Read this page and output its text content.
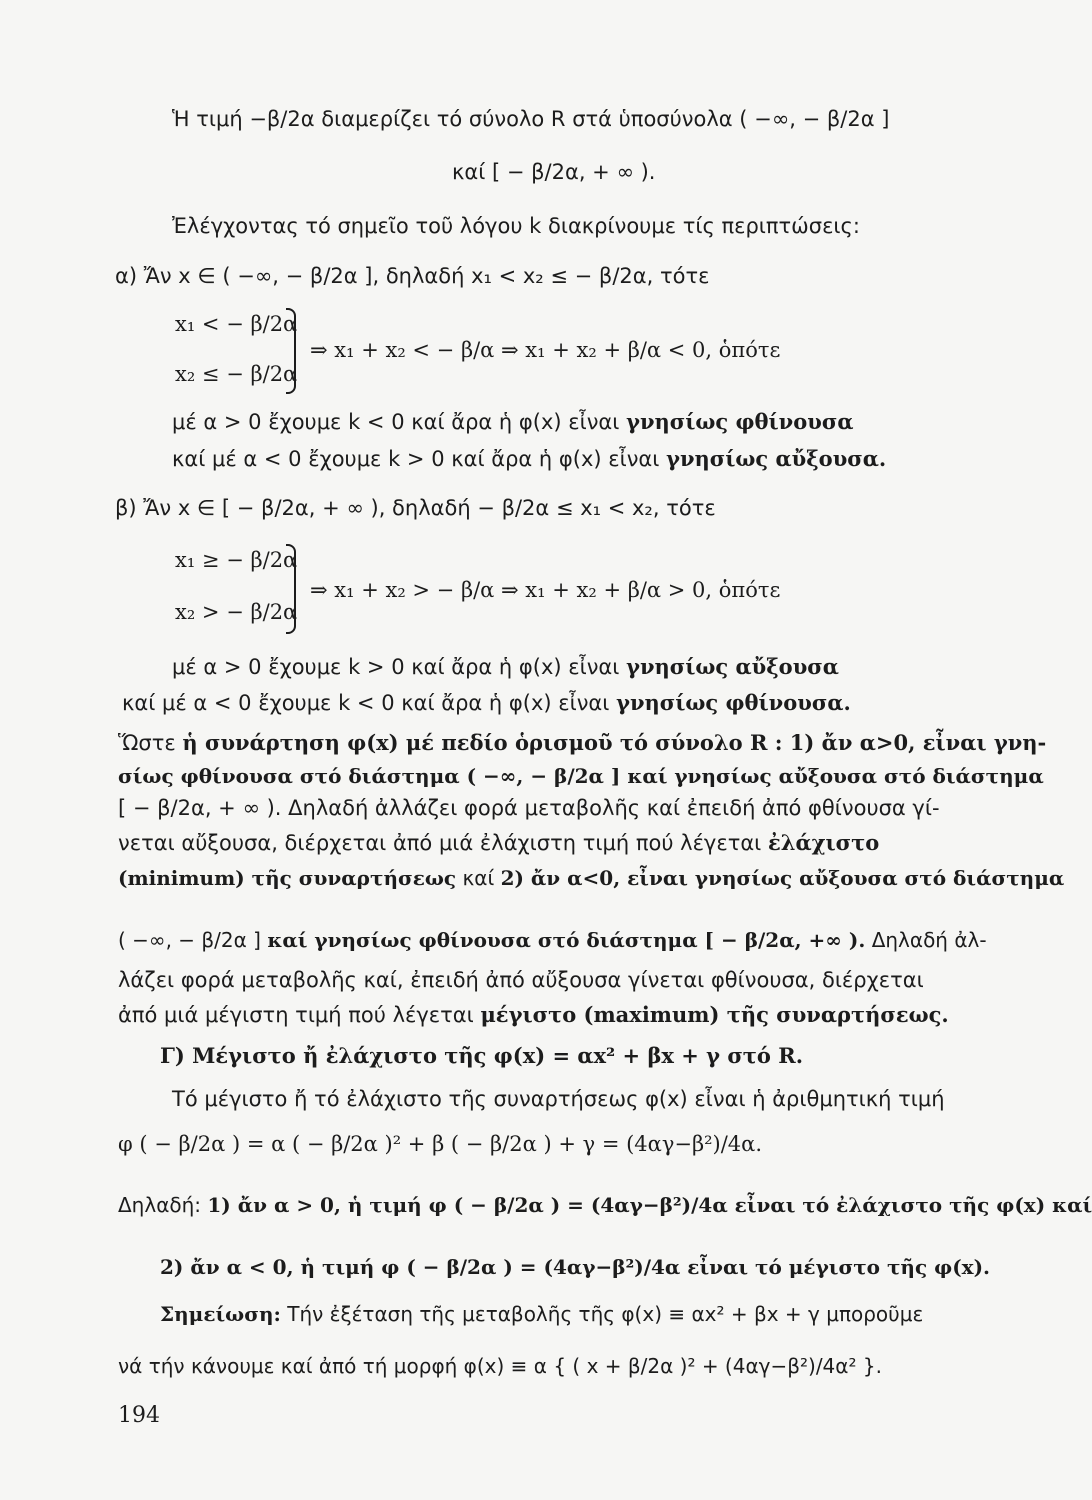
Ἡ τιμή −β/2α διαμερίζει τό σύνολο R στά ὑποσύνολα ( −∞, − β/2α ]
καί [ − β/2α, + ∞ ).
Ἐλέγχοντας τό σημεῖο τοῦ λόγου k διακρίνουμε τίς περιπτώσεις:
α) Ἄν x ∈ ( −∞, − β/2α ], δηλαδή x₁ < x₂ ≤ − β/2α, τότε
x₁ < − β/2α
⇒ x₁ + x₂ < − β/α ⇒ x₁ + x₂ + β/α < 0, ὁπότε
x₂ ≤ − β/2α
μέ α > 0 ἔχουμε k < 0 καί ἄρα ἡ φ(x) εἶναι γνησίως φθίνουσα
καί μέ α < 0 ἔχουμε k > 0 καί ἄρα ἡ φ(x) εἶναι γνησίως αὔξουσα.
β) Ἄν x ∈ [ − β/2α, + ∞ ), δηλαδή − β/2α ≤ x₁ < x₂, τότε
x₁ ≥ − β/2α
⇒ x₁ + x₂ > − β/α ⇒ x₁ + x₂ + β/α > 0, ὁπότε
x₂ > − β/2α
μέ α > 0 ἔχουμε k > 0 καί ἄρα ἡ φ(x) εἶναι γνησίως αὔξουσα
καί μέ α < 0 ἔχουμε k < 0 καί ἄρα ἡ φ(x) εἶναι γνησίως φθίνουσα.
Ὥστε ἡ συνάρτηση φ(x) μέ πεδίο ὁρισμοῦ τό σύνολο R : 1) ἄν α>0, εἶναι γνη-
σίως φθίνουσα στό διάστημα ( −∞, − β/2α ] καί γνησίως αὔξουσα στό διάστημα
[ − β/2α, + ∞ ). Δηλαδή ἀλλάζει φορά μεταβολῆς καί ἐπειδή ἀπό φθίνουσα γί-
νεται αὔξουσα, διέρχεται ἀπό μιά ἐλάχιστη τιμή πού λέγεται ἐλάχιστο
(minimum) τῆς συναρτήσεως καί 2) ἄν α<0, εἶναι γνησίως αὔξουσα στό διάστημα
( −∞, − β/2α ] καί γνησίως φθίνουσα στό διάστημα [ − β/2α, +∞ ). Δηλαδή ἀλ-
λάζει φορά μεταβολῆς καί, ἐπειδή ἀπό αὔξουσα γίνεται φθίνουσα, διέρχεται
ἀπό μιά μέγιστη τιμή πού λέγεται μέγιστο (maximum) τῆς συναρτήσεως.
Γ) Μέγιστο ἤ ἐλάχιστο τῆς φ(x) = αx² + βx + γ στό R.
Τό μέγιστο ἤ τό ἐλάχιστο τῆς συναρτήσεως φ(x) εἶναι ἡ ἀριθμητική τιμή
φ ( − β/2α ) = α ( − β/2α )² + β ( − β/2α ) + γ = (4αγ−β²)/4α.
Δηλαδή: 1) ἄν α > 0, ἡ τιμή φ ( − β/2α ) = (4αγ−β²)/4α εἶναι τό ἐλάχιστο τῆς φ(x) καί
2) ἄν α < 0, ἡ τιμή φ ( − β/2α ) = (4αγ−β²)/4α εἶναι τό μέγιστο τῆς φ(x).
Σημείωση: Τήν ἐξέταση τῆς μεταβολῆς τῆς φ(x) ≡ αx² + βx + γ μποροῦμε
νά τήν κάνουμε καί ἀπό τή μορφή φ(x) ≡ α { ( x + β/2α )² + (4αγ−β²)/4α² }.
194
